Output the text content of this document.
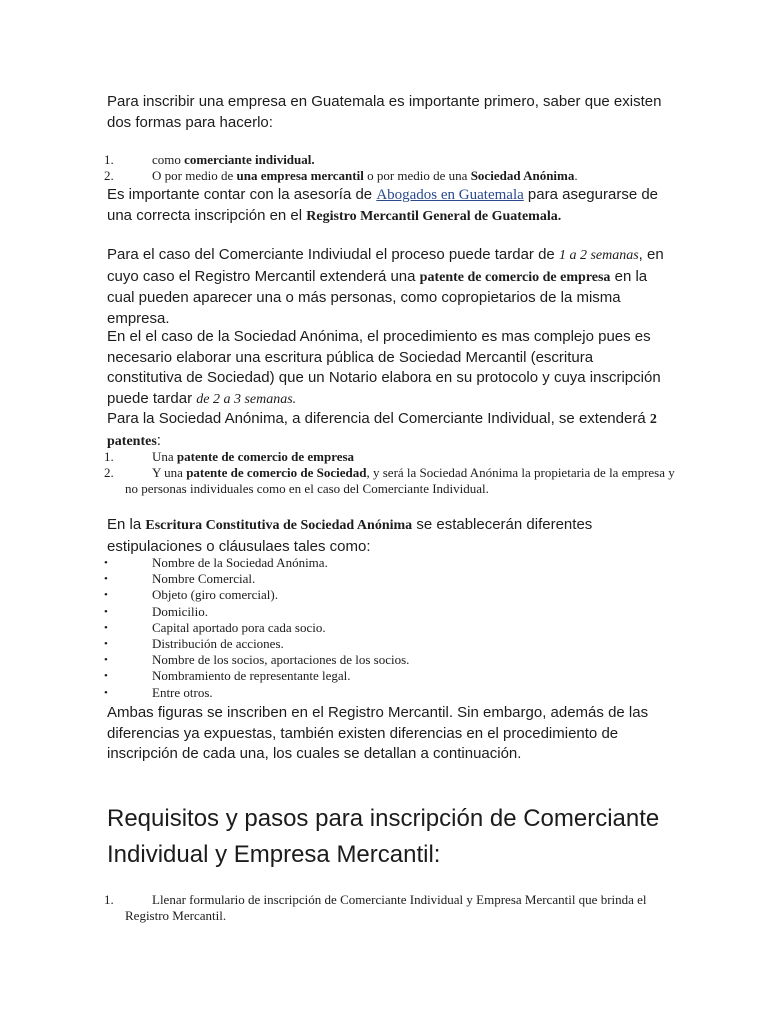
Para inscribir una empresa en Guatemala es importante primero, saber que existen dos formas para hacerlo:

1.	como comerciante individual.
2.	O por medio de una empresa mercantil o por medio de una Sociedad Anónima.

Es importante contar con la asesoría de Abogados en Guatemala para asegurarse de una correcta inscripción en el Registro Mercantil General de Guatemala.

Para el caso del Comerciante Indiviudal el proceso puede tardar de 1 a 2 semanas, en cuyo caso el Registro Mercantil extenderá una patente de comercio de empresa en la cual pueden aparecer una o más personas, como copropietarios de la misma empresa.

En el el caso de la Sociedad Anónima, el procedimiento es mas complejo pues es necesario elaborar una escritura pública de Sociedad Mercantil (escritura constitutiva de Sociedad) que un Notario elabora en su protocolo y cuya inscripción puede tardar de 2 a 3 semanas.

Para la Sociedad Anónima, a diferencia del Comerciante Individual, se extenderá 2 patentes:

1.	Una patente de comercio de empresa
2.	Y una patente de comercio de Sociedad, y será la Sociedad Anónima la propietaria de la empresa y no personas individuales como en el caso del Comerciante Individual.

En la Escritura Constitutiva de Sociedad Anónima se establecerán diferentes estipulaciones o cláusulaes tales como:

•	Nombre de la Sociedad Anónima.
•	Nombre Comercial.
•	Objeto (giro comercial).
•	Domicilio.
•	Capital aportado pora cada socio.
•	Distribución de acciones.
•	Nombre de los socios, aportaciones de los socios.
•	Nombramiento de representante legal.
•	Entre otros.

Ambas figuras se inscriben en el Registro Mercantil. Sin embargo, además de las diferencias ya expuestas, también existen diferencias en el procedimiento de inscripción de cada una, los cuales se detallan a continuación.

Requisitos y pasos para inscripción de Comerciante Individual y Empresa Mercantil:
1.	Llenar formulario de inscripción de Comerciante Individual y Empresa Mercantil que brinda el Registro Mercantil.
